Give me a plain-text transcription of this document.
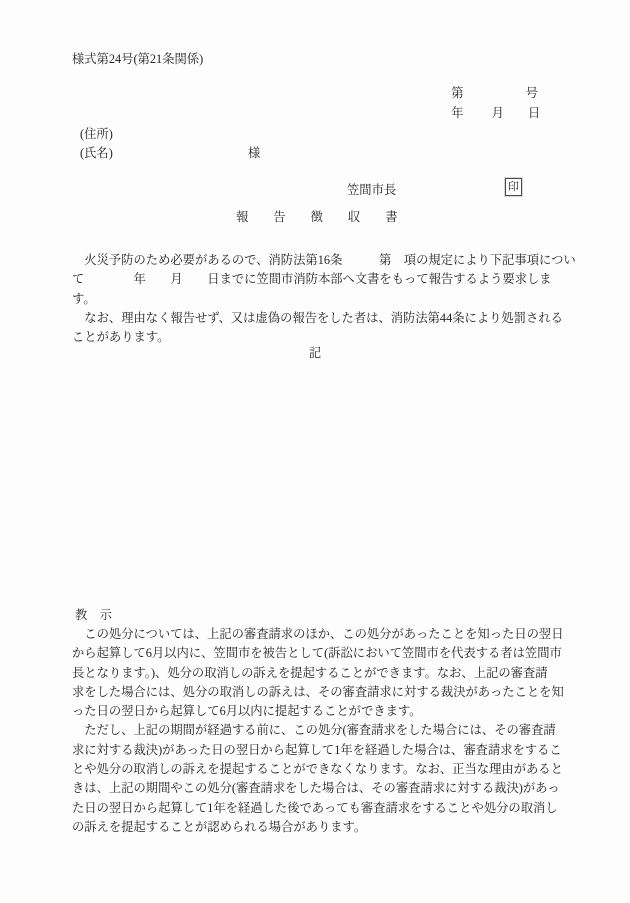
様式第24号(第21条関係)

第	号

年 月 日

(住所)
(氏名)	様
笠間市長	印
報告徴収書
　火災予防のため必要があるので、消防法第16条　　　第　項の規定により下記事項につい
て　　　　年　　月　　日までに笠間市消防本部へ文書をもって報告するよう要求しま
す。
　なお、理由なく報告せず、又は虚偽の報告をした者は、消防法第44条により処罰される
ことがあります。
記
教　示
　この処分については、上記の審査請求のほか、この処分があったことを知った日の翌日
から起算して6月以内に、笠間市を被告として(訴訟において笠間市を代表する者は笠間市
長となります。)、処分の取消しの訴えを提起することができます。なお、上記の審査請
求をした場合には、処分の取消しの訴えは、その審査請求に対する裁決があったことを知
った日の翌日から起算して6月以内に提起することができます。
　ただし、上記の期間が経過する前に、この処分(審査請求をした場合には、その審査請
求に対する裁決)があった日の翌日から起算して1年を経過した場合は、審査請求をするこ
とや処分の取消しの訴えを提起することができなくなります。なお、正当な理由があると
きは、上記の期間やこの処分(審査請求をした場合は、その審査請求に対する裁決)があっ
た日の翌日から起算して1年を経過した後であっても審査請求をすることや処分の取消し
の訴えを提起することが認められる場合があります。
